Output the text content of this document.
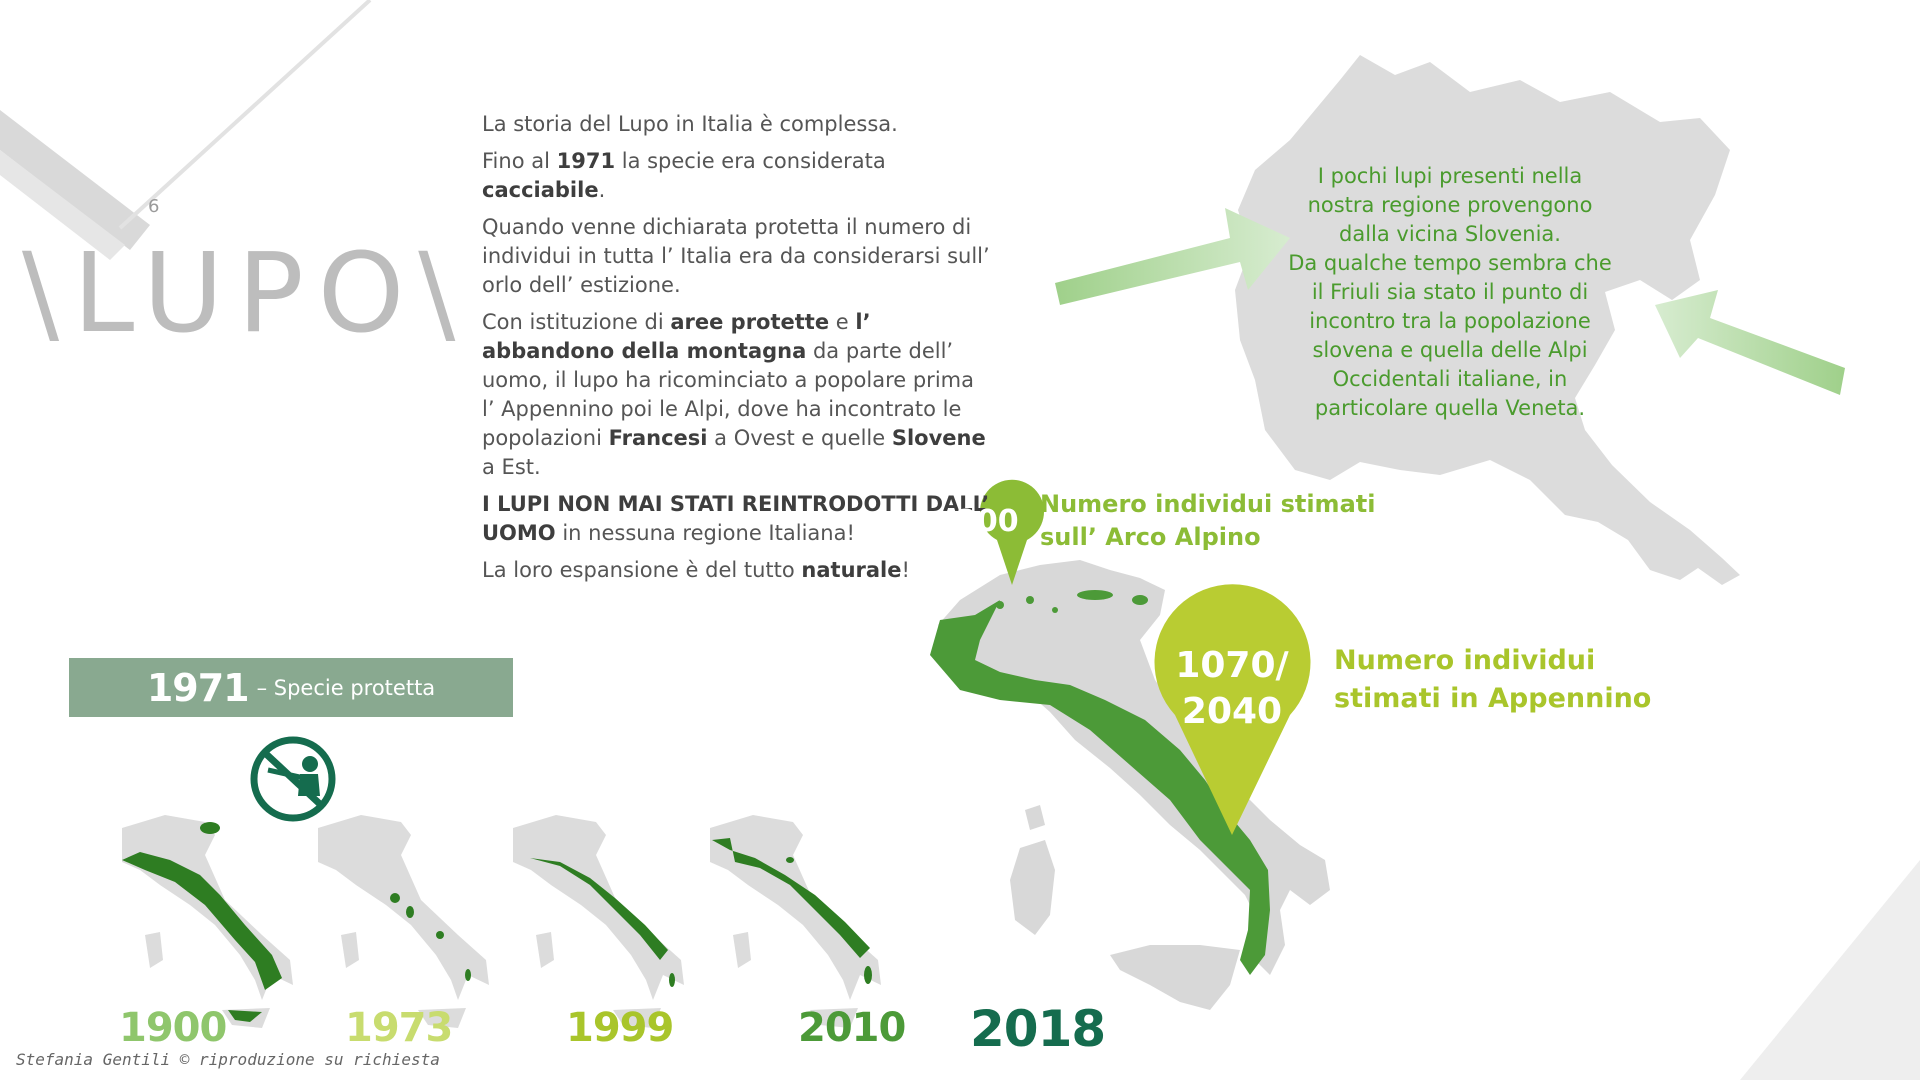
6
\LUPO\

La storia del Lupo in Italia è complessa.

Fino al 1971 la specie era considerata cacciabile.

Quando venne dichiarata protetta il numero di individui in tutta l’ Italia era da considerarsi sull’ orlo dell’ estizione.

Con istituzione di aree protette e l’ abbandono della montagna da parte dell’ uomo, il lupo ha ricominciato a popolare prima l’ Appennino poi le Alpi, dove ha incontrato le popolazioni Francesi a Ovest e quelle Slovene a Est.

I LUPI NON MAI STATI REINTRODOTTI DALL’ UOMO in nessuna regione Italiana!

La loro espansione è del tutto naturale!

I pochi lupi presenti nella

nostra regione provengono

dalla vicina Slovenia.

Da qualche tempo sembra che

il Friuli sia stato il punto di

incontro tra la popolazione

slovena e quella delle Alpi

Occidentali italiane, in

particolare quella Veneta.

1971 – Specie protetta
1900	1973	1999	2010 2018
200 Numero individui stimati
sull’ Arco Alpino
1070/
2040
Numero individui
stimati in Appennino
Stefania Gentili © riproduzione su richiesta
